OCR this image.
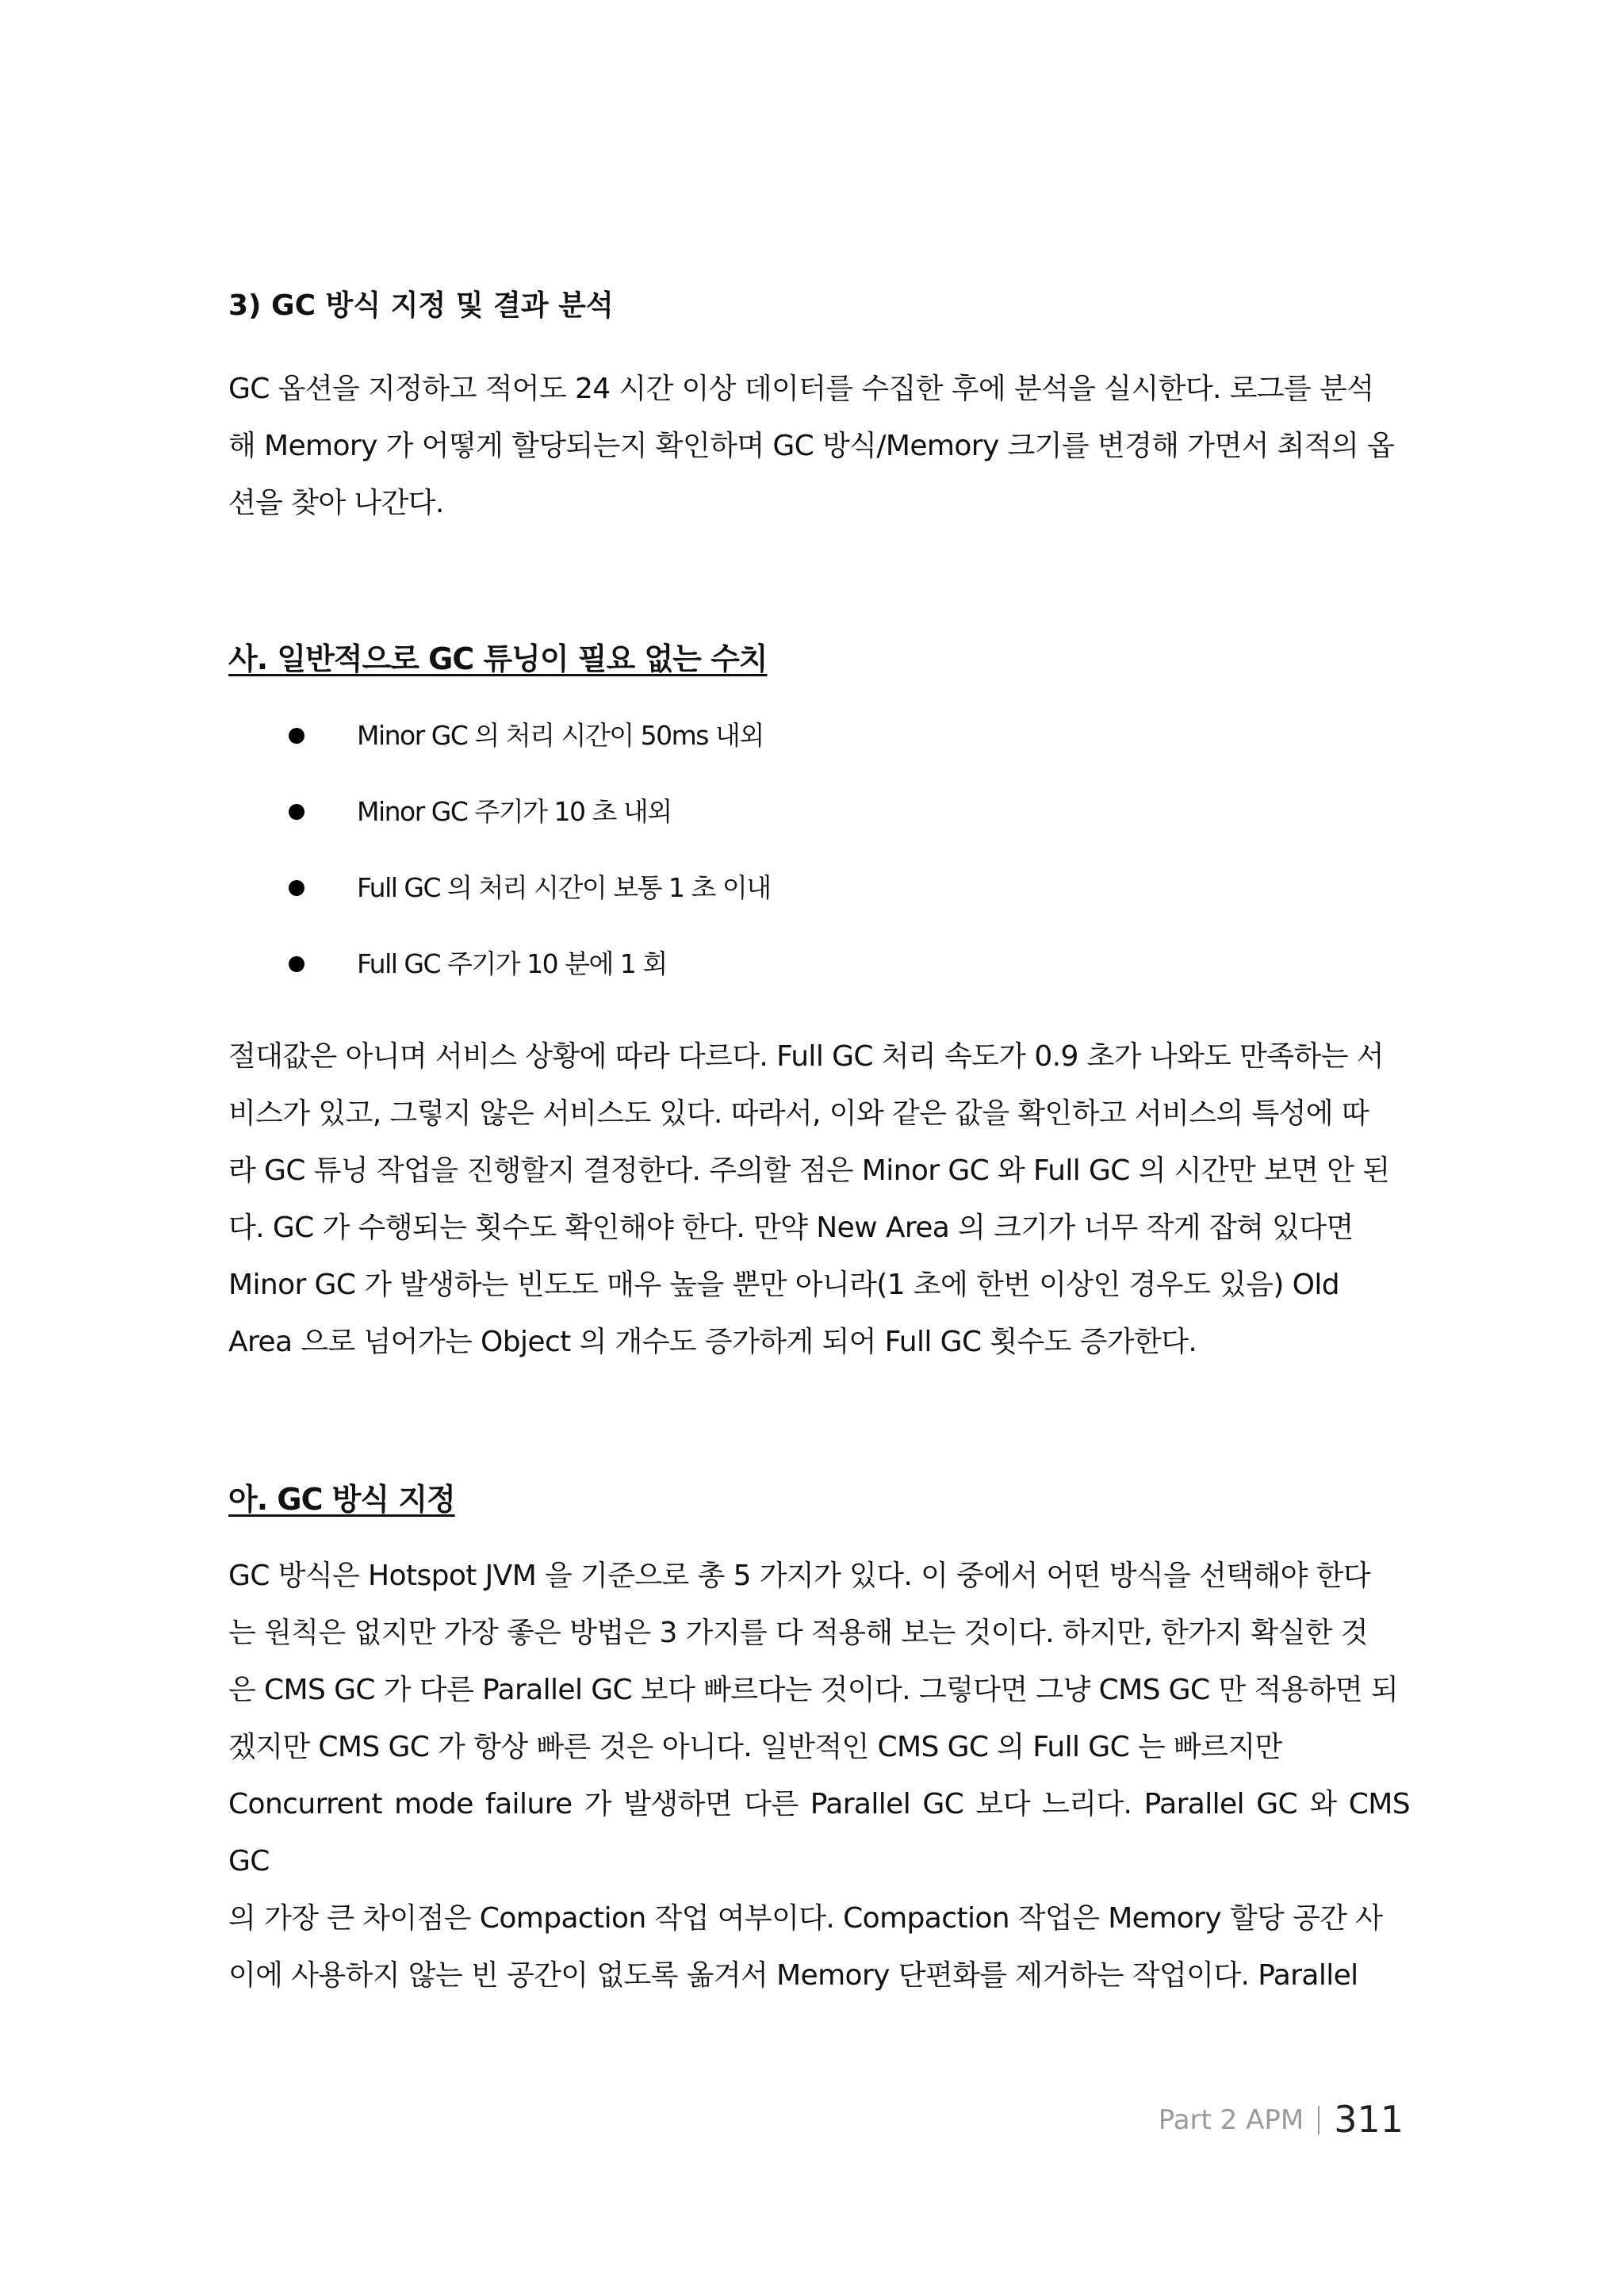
3) GC 방식 지정 및 결과 분석

GC 옵션을 지정하고 적어도 24 시간 이상 데이터를 수집한 후에 분석을 실시한다. 로그를 분석
해 Memory 가 어떻게 할당되는지 확인하며 GC 방식/Memory 크기를 변경해 가면서 최적의 옵
션을 찾아 나간다.

사. 일반적으로 GC 튜닝이 필요 없는 수치
Minor GC 의 처리 시간이 50ms 내외
Minor GC 주기가 10 초 내외
Full GC 의 처리 시간이 보통 1 초 이내
Full GC 주기가 10 분에 1 회

절대값은 아니며 서비스 상황에 따라 다르다. Full GC 처리 속도가 0.9 초가 나와도 만족하는 서
비스가 있고, 그렇지 않은 서비스도 있다. 따라서, 이와 같은 값을 확인하고 서비스의 특성에 따
라 GC 튜닝 작업을 진행할지 결정한다. 주의할 점은 Minor GC 와 Full GC 의 시간만 보면 안 된
다. GC 가 수행되는 횟수도 확인해야 한다. 만약 New Area 의 크기가 너무 작게 잡혀 있다면
Minor GC 가 발생하는 빈도도 매우 높을 뿐만 아니라(1 초에 한번 이상인 경우도 있음) Old
Area 으로 넘어가는 Object 의 개수도 증가하게 되어 Full GC 횟수도 증가한다.

아. GC 방식 지정

GC 방식은 Hotspot JVM 을 기준으로 총 5 가지가 있다. 이 중에서 어떤 방식을 선택해야 한다
는 원칙은 없지만 가장 좋은 방법은 3 가지를 다 적용해 보는 것이다. 하지만, 한가지 확실한 것
은 CMS GC 가 다른 Parallel GC 보다 빠르다는 것이다. 그렇다면 그냥 CMS GC 만 적용하면 되
겠지만 CMS GC 가 항상 빠른 것은 아니다. 일반적인 CMS GC 의 Full GC 는 빠르지만
Concurrent mode failure 가 발생하면 다른 Parallel GC 보다 느리다. Parallel GC 와 CMS GC
의 가장 큰 차이점은 Compaction 작업 여부이다. Compaction 작업은 Memory 할당 공간 사
이에 사용하지 않는 빈 공간이 없도록 옮겨서 Memory 단편화를 제거하는 작업이다. Parallel

Part 2 APM 311
